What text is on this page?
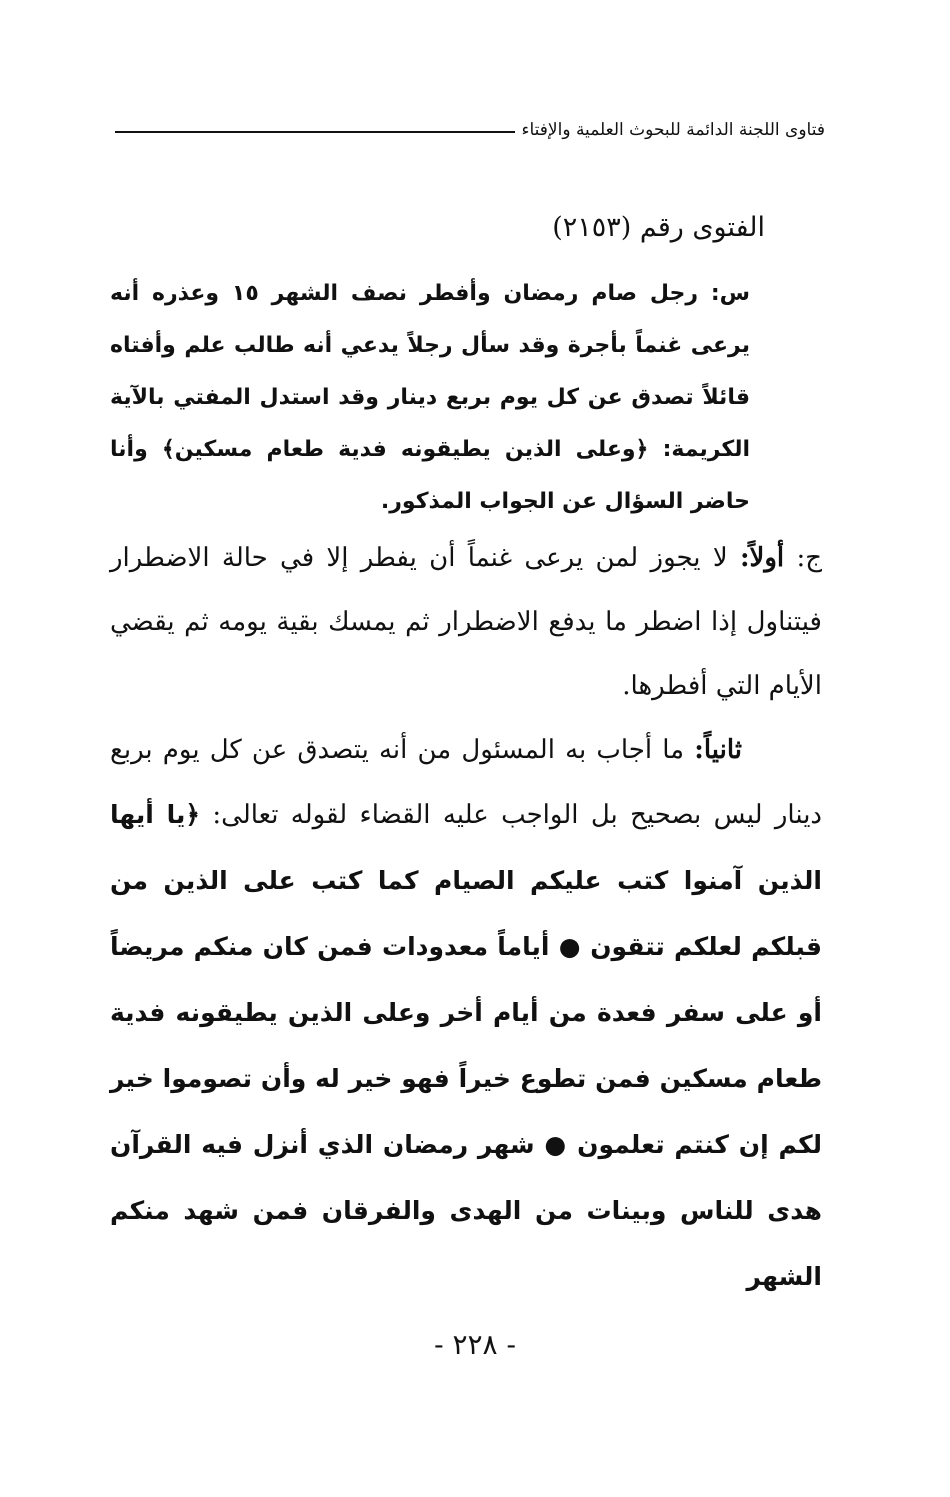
فتاوى اللجنة الدائمة للبحوث العلمية والإفتاء
الفتوى رقم (٢١٥٣)
س: رجل صام رمضان وأفطر نصف الشهر ١٥ وعذره أنه يرعى غنماً بأجرة وقد سأل رجلاً يدعي أنه طالب علم وأفتاه قائلاً تصدق عن كل يوم بربع دينار وقد استدل المفتي بالآية الكريمة: ﴿وعلى الذين يطيقونه فدية طعام مسكين﴾ وأنا حاضر السؤال عن الجواب المذكور.

ج: أولاً: لا يجوز لمن يرعى غنماً أن يفطر إلا في حالة الاضطرار فيتناول إذا اضطر ما يدفع الاضطرار ثم يمسك بقية يومه ثم يقضي الأيام التي أفطرها.

ثانياً: ما أجاب به المسئول من أنه يتصدق عن كل يوم بربع دينار ليس بصحيح بل الواجب عليه القضاء لقوله تعالى: ﴿يا أيها الذين آمنوا كتب عليكم الصيام كما كتب على الذين من قبلكم لعلكم تتقون ● أياماً معدودات فمن كان منكم مريضاً أو على سفر فعدة من أيام أخر وعلى الذين يطيقونه فدية طعام مسكين فمن تطوع خيراً فهو خير له وأن تصوموا خير لكم إن كنتم تعلمون ● شهر رمضان الذي أنزل فيه القرآن هدى للناس وبينات من الهدى والفرقان فمن شهد منكم الشهر

- ٢٢٨ -
